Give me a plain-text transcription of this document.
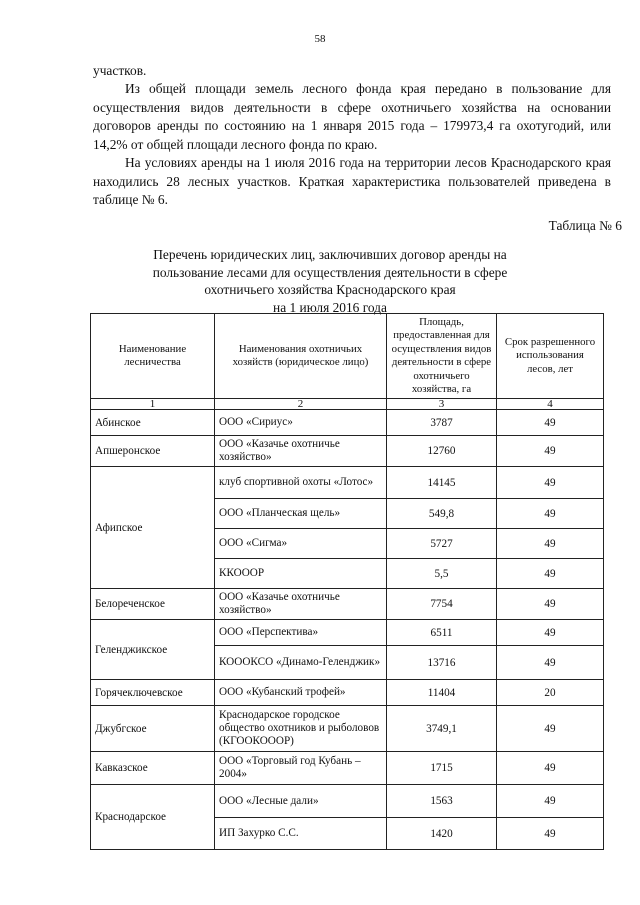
58

участков.

Из общей площади земель лесного фонда края передано в пользование для осуществления видов деятельности в сфере охотничьего хозяйства на основании договоров аренды по состоянию на 1 января 2015 года – 179973,4 га охотугодий, или 14,2% от общей площади лесного фонда по краю.

На условиях аренды на 1 июля 2016 года на территории лесов Краснодарского края находились 28 лесных участков. Краткая характеристика пользователей приведена в таблице № 6.

Таблица № 6
Перечень юридических лиц, заключивших договор аренды на
пользование лесами для осуществления деятельности в сфере
охотничьего хозяйства Краснодарского края
на 1 июля 2016 года
Наименование лесничества	Наименования охотничьих хозяйств (юридическое лицо)	Площадь, предоставленная для осуществления видов деятельности в сфере охотничьего хозяйства, га	Срок разрешенного использования лесов, лет
1	2	3	4
Абинское	ООО «Сириус»	3787	49
Апшеронское	ООО «Казачье охотничье хозяйство»	12760	49
Афипское	клуб спортивной охоты «Лотос»	14145	49
	ООО «Планческая щель»	549,8	49
	ООО «Сигма»	5727	49
	ККОООР	5,5	49
Белореченское	ООО «Казачье охотничье хозяйство»	7754	49
Геленджикское	ООО «Перспектива»	6511	49
	КОООКСО «Динамо-Геленджик»	13716	49
Горячеключевское	ООО «Кубанский трофей»	11404	20
Джубгское	Краснодарское городское общество охотников и рыболовов (КГООКОООР)	3749,1	49
Кавказское	ООО «Торговый год Кубань – 2004»	1715	49
Краснодарское	ООО «Лесные дали»	1563	49
	ИП Захурко С.С.	1420	49
